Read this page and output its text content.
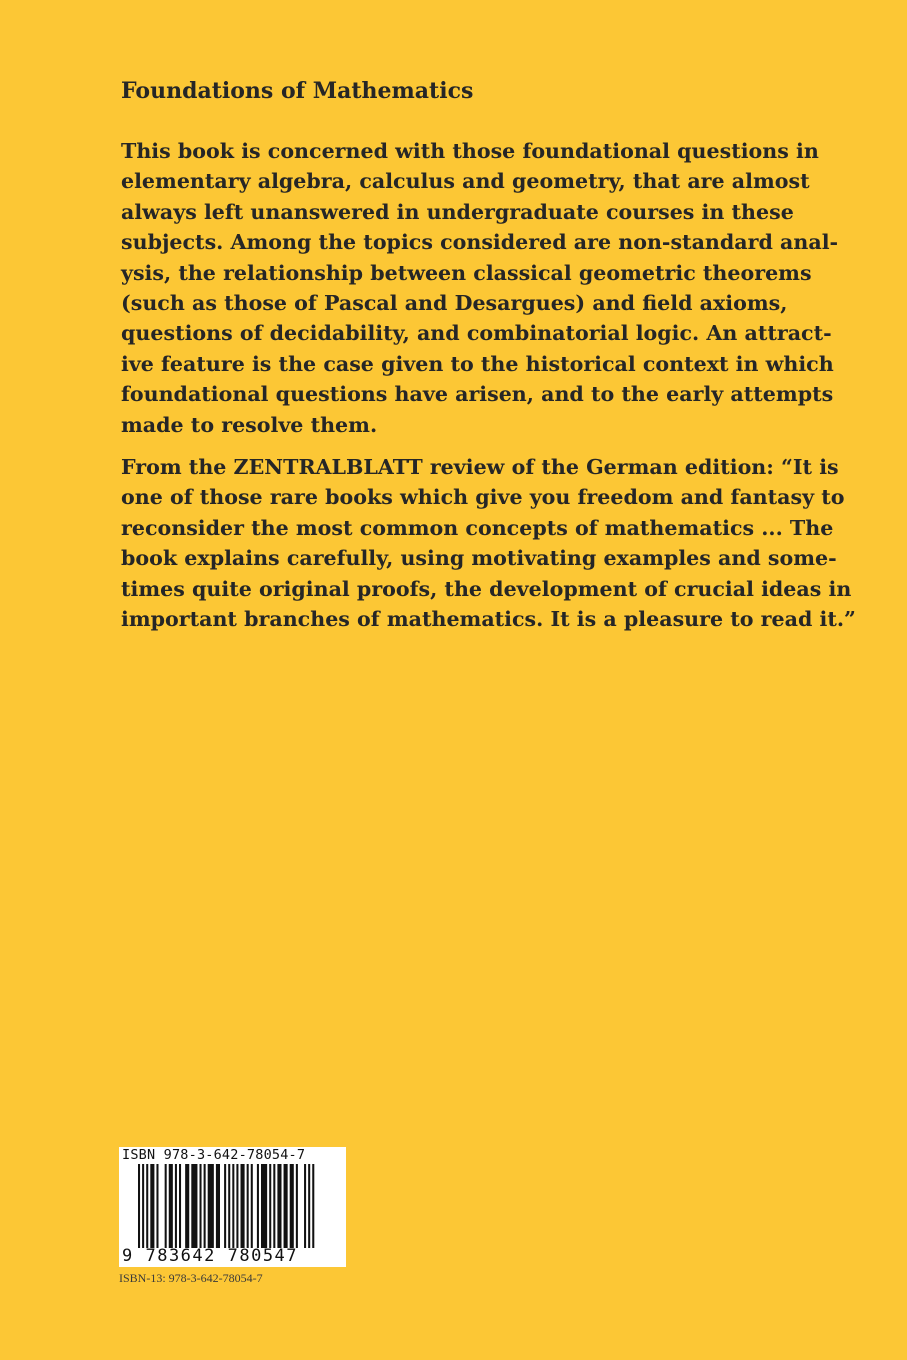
Foundations of Mathematics
This book is concerned with those foundational questions in
elementary algebra, calculus and geometry, that are almost
always left unanswered in undergraduate courses in these
subjects. Among the topics considered are non-standard anal-
ysis, the relationship between classical geometric theorems
(such as those of Pascal and Desargues) and field axioms,
questions of decidability, and combinatorial logic. An attract-
ive feature is the case given to the historical context in which
foundational questions have arisen, and to the early attempts
made to resolve them.
From the ZENTRALBLATT review of the German edition: “It is
one of those rare books which give you freedom and fantasy to
reconsider the most common concepts of mathematics ... The
book explains carefully, using motivating examples and some-
times quite original proofs, the development of crucial ideas in
important branches of mathematics. It is a pleasure to read it.”
ISBN 978-3-642-78054-7
9 783642 780547
ISBN-13: 978-3-642-78054-7
